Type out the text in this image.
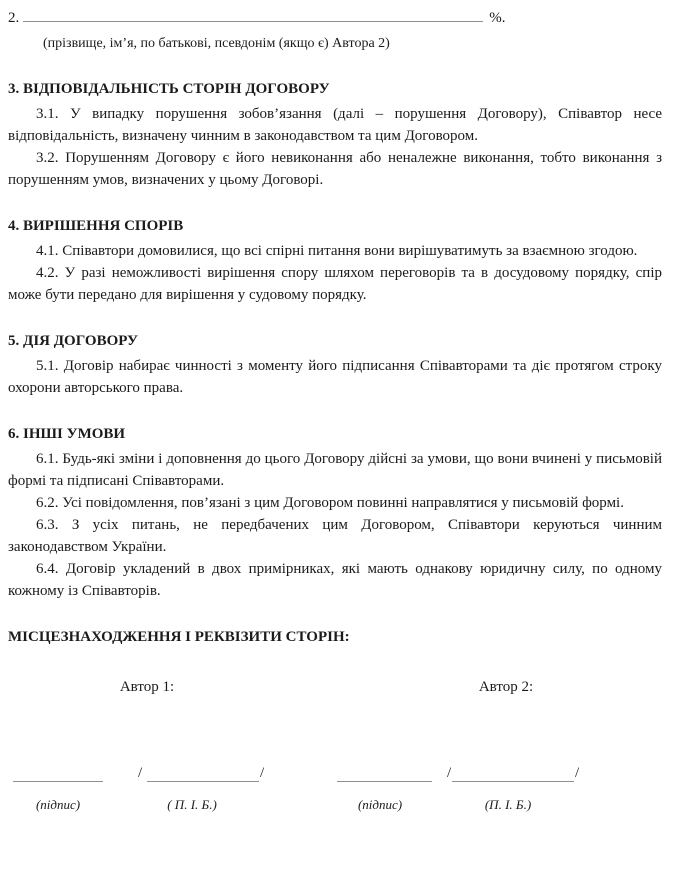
2.	%.
(прізвище, ім’я, по батькові, псевдонім (якщо є) Автора 2)
3. ВІДПОВІДАЛЬНІСТЬ СТОРІН ДОГОВОРУ

3.1. У випадку порушення зобов’язання (далі – порушення Договору), Співавтор несе відповідальність, визначену чинним в законодавством та цим Договором.

3.2. Порушенням Договору є його невиконання або неналежне виконання, тобто виконання з порушенням умов, визначених у цьому Договорі.

4. ВИРІШЕННЯ СПОРІВ

4.1. Співавтори домовилися, що всі спірні питання вони вирішуватимуть за взаємною згодою.

4.2. У разі неможливості вирішення спору шляхом переговорів та в досудовому порядку, спір може бути передано для вирішення у судовому порядку.

5. ДІЯ ДОГОВОРУ

5.1. Договір набирає чинності з моменту його підписання Співавторами та діє протягом строку охорони авторського права.

6. ІНШІ УМОВИ

6.1. Будь-які зміни і доповнення до цього Договору дійсні за умови, що вони вчинені у письмовій формі та підписані Співавторами.

6.2. Усі повідомлення, пов’язані з цим Договором повинні направлятися у письмовій формі.

6.3. З усіх питань, не передбачених цим Договором, Співавтори керуються чинним законодавством України.

6.4. Договір укладений в двох примірниках, які мають однакову юридичну силу, по одному кожному із Співавторів.

МІСЦЕЗНАХОДЖЕННЯ І РЕКВІЗИТИ СТОРІН:
Автор 1:	Автор 2:
/	/	/	/
(підпис)	( П. І. Б.)	(підпис)	(П. І. Б.)
